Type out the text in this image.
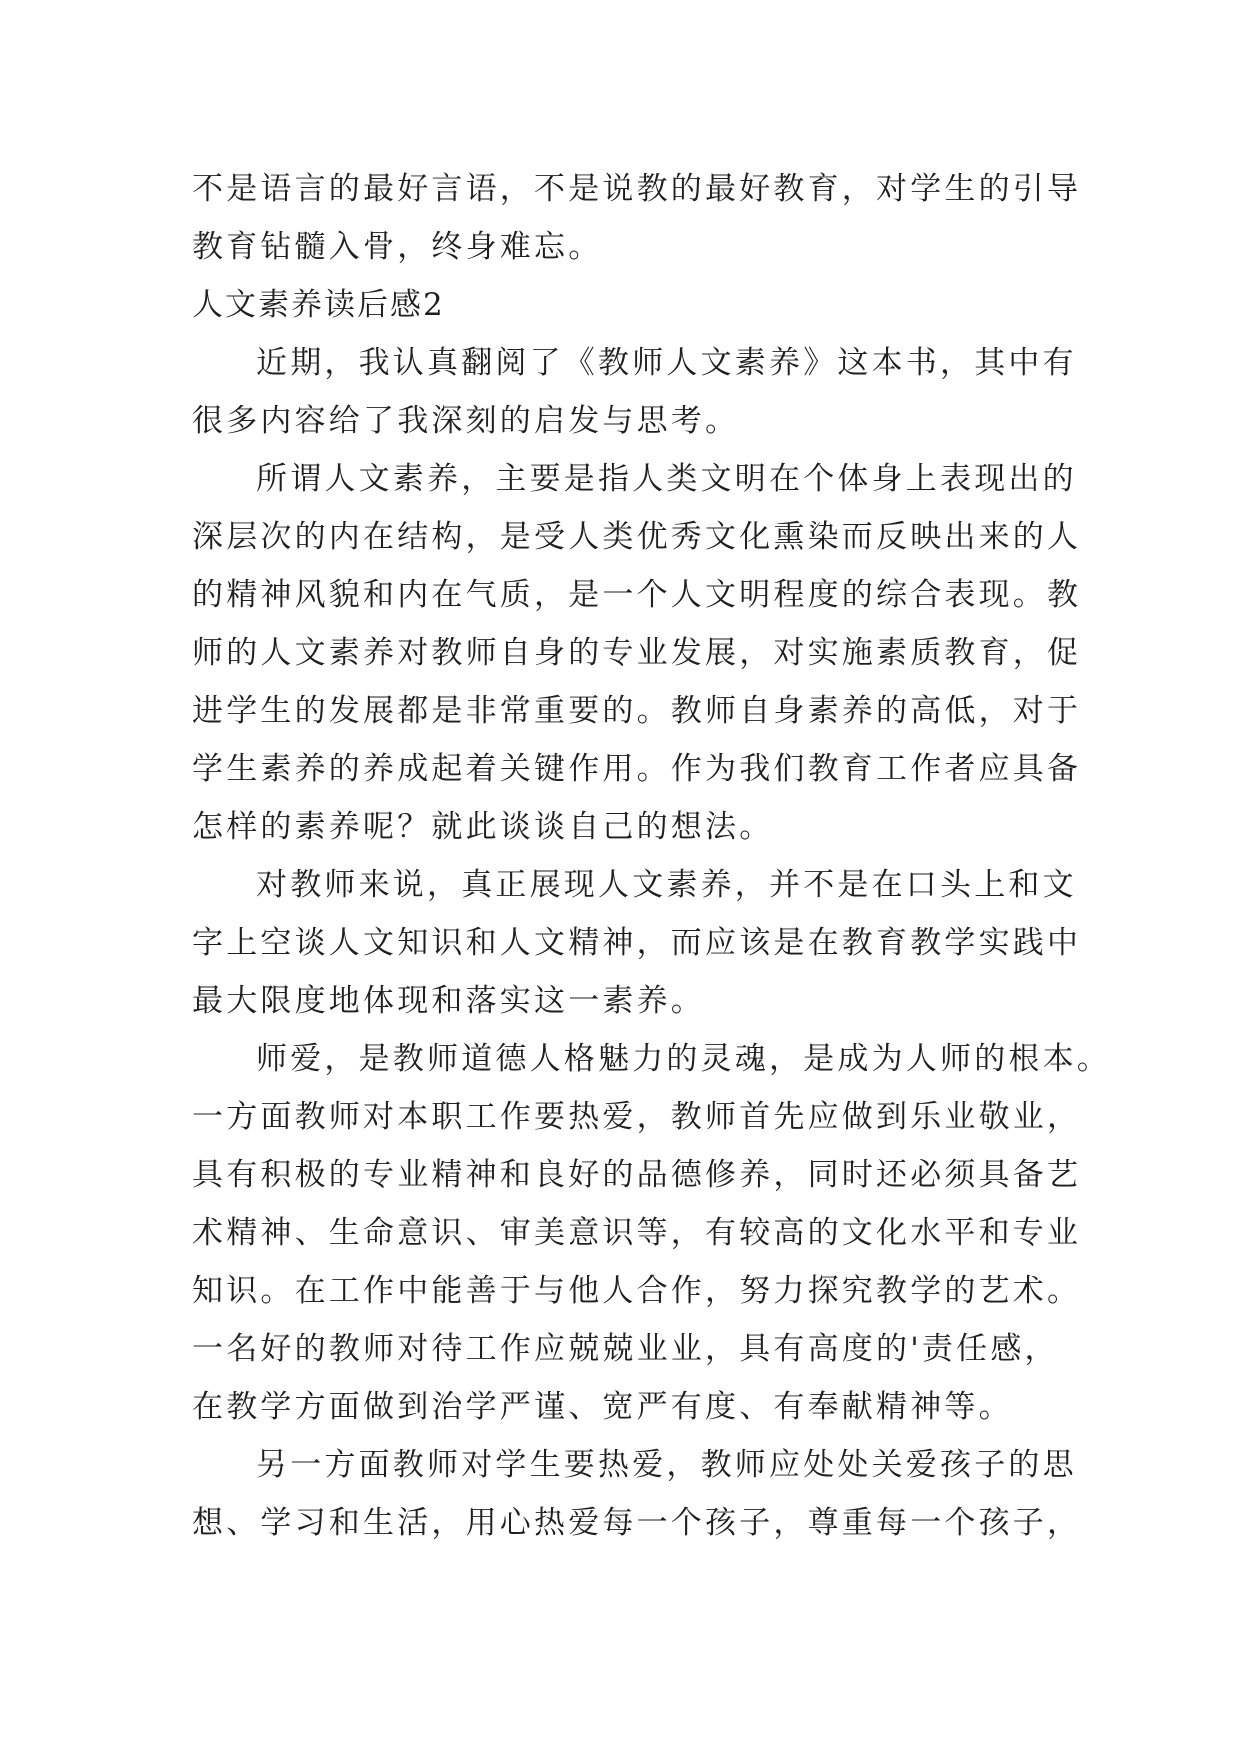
不是语言的最好言语，不是说教的最好教育，对学生的引导
教育钻髓入骨，终身难忘。
人文素养读后感2
近期，我认真翻阅了《教师人文素养》这本书，其中有
很多内容给了我深刻的启发与思考。
所谓人文素养，主要是指人类文明在个体身上表现出的
深层次的内在结构，是受人类优秀文化熏染而反映出来的人
的精神风貌和内在气质，是一个人文明程度的综合表现。教
师的人文素养对教师自身的专业发展，对实施素质教育，促
进学生的发展都是非常重要的。教师自身素养的高低，对于
学生素养的养成起着关键作用。作为我们教育工作者应具备
怎样的素养呢？就此谈谈自己的想法。
对教师来说，真正展现人文素养，并不是在口头上和文
字上空谈人文知识和人文精神，而应该是在教育教学实践中
最大限度地体现和落实这一素养。
师爱，是教师道德人格魅力的灵魂，是成为人师的根本。
一方面教师对本职工作要热爱，教师首先应做到乐业敬业，
具有积极的专业精神和良好的品德修养，同时还必须具备艺
术精神、生命意识、审美意识等，有较高的文化水平和专业
知识。在工作中能善于与他人合作，努力探究教学的艺术。
一名好的教师对待工作应兢兢业业，具有高度的'责任感，
在教学方面做到治学严谨、宽严有度、有奉献精神等。
另一方面教师对学生要热爱，教师应处处关爱孩子的思
想、学习和生活，用心热爱每一个孩子，尊重每一个孩子，
